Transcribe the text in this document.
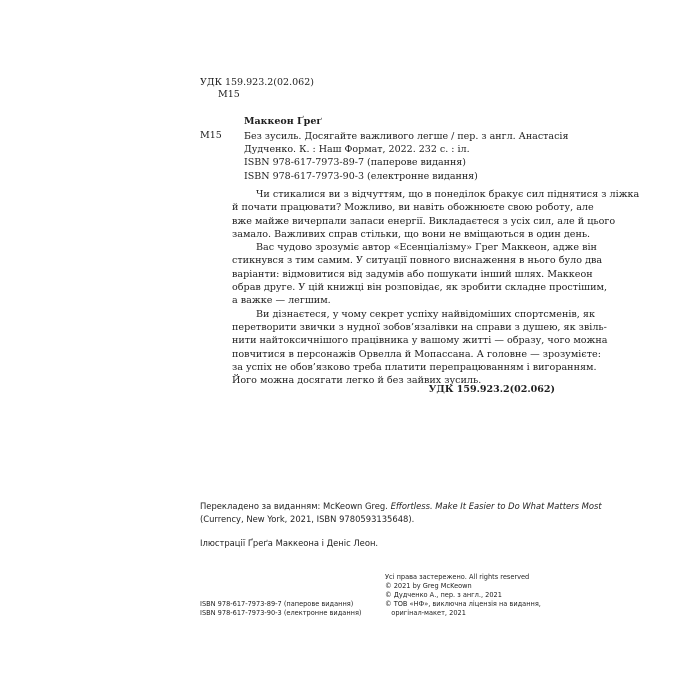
УДК 159.923.2(02.062)
М15
Маккеон Ґреґ
М15 Без зусиль. Досягайте важливого легше / пер. з англ. Анастасія
Дудченко. К. : Наш Формат, 2022. 232 с. : іл.
ISBN 978-617-7973-89-7 (паперове видання)
ISBN 978-617-7973-90-3 (електронне видання)
Чи стикалися ви з відчуттям, що в понеділок бракує сил піднятися з ліжка
й почати працювати? Можливо, ви навіть обожнюєте свою роботу, але
вже майже вичерпали запаси енергії. Викладаєтеся з усіх сил, але й цього
замало. Важливих справ стільки, що вони не вміщаються в один день.
Вас чудово зрозуміє автор «Есенціалізму» Грег Маккеон, адже він
стикнувся з тим самим. У ситуації повного виснаження в нього було два
варіанти: відмовитися від задумів або пошукати інший шлях. Маккеон
обрав друге. У цій книжці він розповідає, як зробити складне простішим,
а важке — легшим.
Ви дізнаєтеся, у чому секрет успіху найвідоміших спортсменів, як
перетворити звички з нудної зобов’язалівки на справи з душею, як звіль-
нити найтоксичнішого працівника у вашому житті — образу, чого можна
повчитися в персонажів Орвелла й Мопассана. А головне — зрозумієте:
за успіх не обов’язково треба платити перепрацюванням і вигоранням.
Його можна досягати легко й без зайвих зусиль.
УДК 159.923.2(02.062)
Перекладено за виданням: McKeown Greg. Effortless. Make It Easier to Do What Matters Most
(Currency, New York, 2021, ISBN 9780593135648).
Ілюстрації Ґреґа Маккеона і Деніс Леон.
Усі права застережено. All rights reserved
© 2021 by Greg McKeown
© Дудченко А., пер. з англ., 2021
© ТОВ «НФ», виключна ліцензія на видання,
оригінал-макет, 2021
ISBN 978-617-7973-89-7 (паперове видання)
ISBN 978-617-7973-90-3 (електронне видання)
